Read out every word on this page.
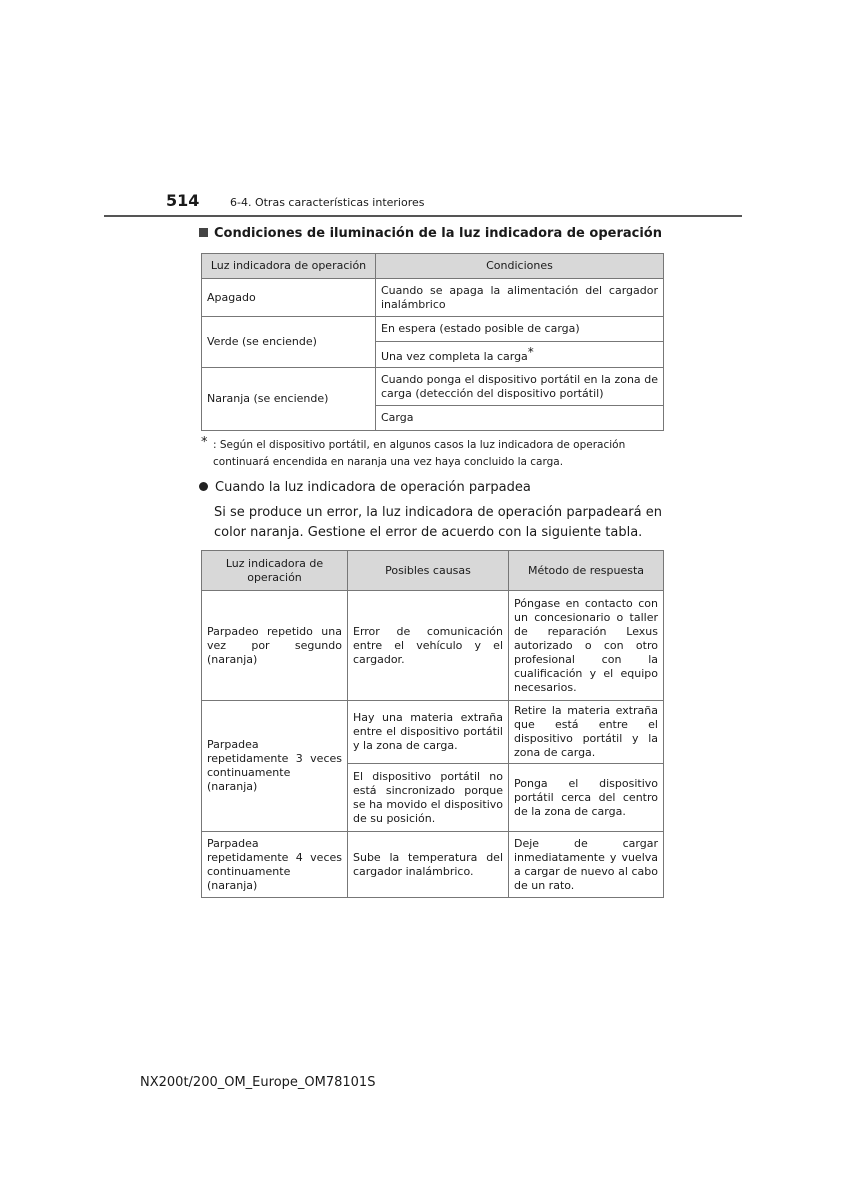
514	6-4. Otras características interiores
Condiciones de iluminación de la luz indicadora de operación
Luz indicadora de operación	Condiciones
Apagado	Cuando se apaga la alimentación del cargador inalámbrico
Verde (se enciende)	En espera (estado posible de carga)
	Una vez completa la carga*
Naranja (se enciende)	Cuando ponga el dispositivo portátil en la zona de carga (detección del dispositivo portátil)
	Carga
* : Según el dispositivo portátil, en algunos casos la luz indicadora de operación continuará encendida en naranja una vez haya concluido la carga.
Cuando la luz indicadora de operación parpadea
Si se produce un error, la luz indicadora de operación parpadeará en color naranja. Gestione el error de acuerdo con la siguiente tabla.
Luz indicadora de operación	Posibles causas	Método de respuesta
Parpadeo repetido una vez por segundo (naranja)	Error de comunicación entre el vehículo y el cargador.	Póngase en contacto con un concesionario o taller de reparación Lexus autorizado o con otro profesional con la cualificación y el equipo necesarios.
Parpadea repetidamente 3 veces continuamente (naranja)	Hay una materia extraña entre el dispositivo portátil y la zona de carga.	Retire la materia extraña que está entre el dispositivo portátil y la zona de carga.
	El dispositivo portátil no está sincronizado porque se ha movido el dispositivo de su posición.	Ponga el dispositivo portátil cerca del centro de la zona de carga.
Parpadea repetidamente 4 veces continuamente (naranja)	Sube la temperatura del cargador inalámbrico.	Deje de cargar inmediatamente y vuelva a cargar de nuevo al cabo de un rato.
NX200t/200_OM_Europe_OM78101S
